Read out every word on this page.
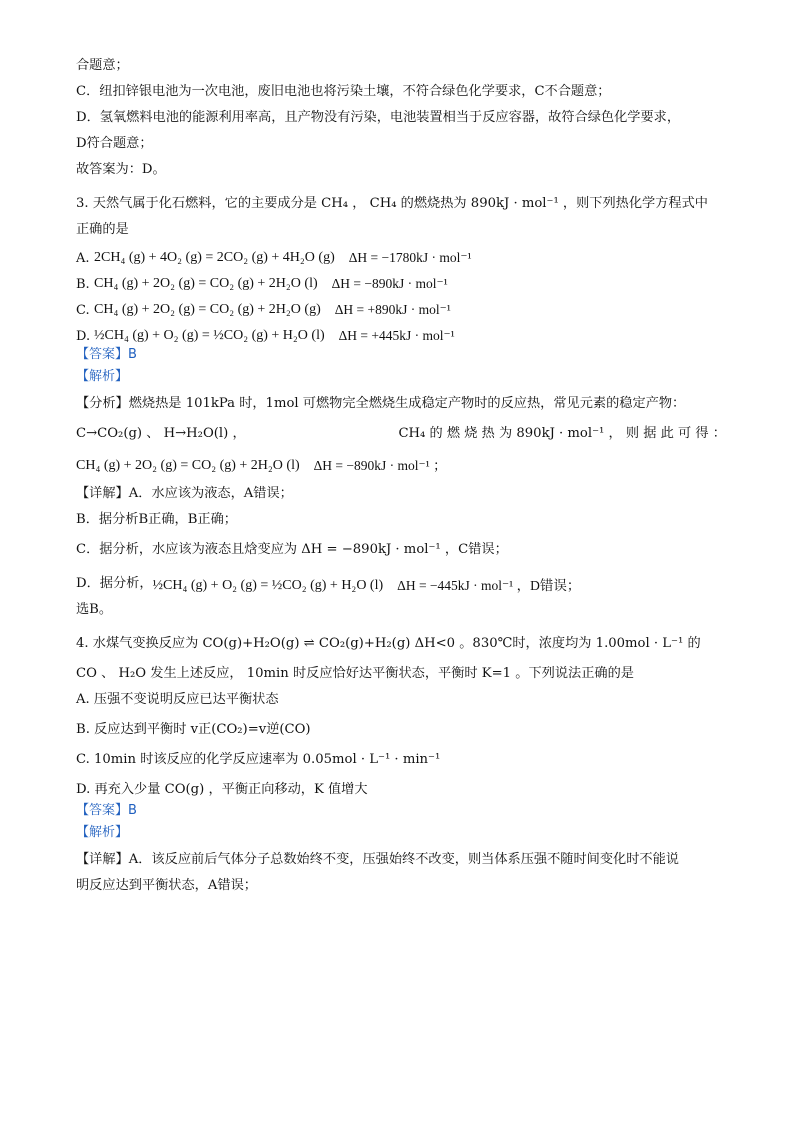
合题意；

C．纽扣锌银电池为一次电池，废旧电池也将污染土壤，不符合绿色化学要求，C不合题意；

D．氢氧燃料电池的能源利用率高，且产物没有污染，电池装置相当于反应容器，故符合绿色化学要求，

D符合题意；

故答案为：D。

3. 天然气属于化石燃料，它的主要成分是 CH₄ ， CH₄ 的燃烧热为 890kJ · mol⁻¹ ，则下列热化学方程式中

正确的是

A. 2CH₄ (g) + 4O₂ (g) = 2CO₂ (g) + 4H₂O (g) ΔH = −1780kJ · mol⁻¹
B. CH₄ (g) + 2O₂ (g) = CO₂ (g) + 2H₂O (l) ΔH = −890kJ · mol⁻¹
C. CH₄ (g) + 2O₂ (g) = CO₂ (g) + 2H₂O (g) ΔH = +890kJ · mol⁻¹
D. ½CH₄ (g) + O₂ (g) = ½CO₂ (g) + H₂O (l) ΔH = +445kJ · mol⁻¹

【答案】B

【解析】

【分析】燃烧热是 101kPa 时，1mol 可燃物完全燃烧生成稳定产物时的反应热，常见元素的稳定产物：

C→CO₂(g) 、 H→H₂O(l) ，	CH₄ 的 燃 烧 热 为 890kJ · mol⁻¹ ， 则 据 此 可 得 ：
CH₄ (g) + 2O₂ (g) = CO₂ (g) + 2H₂O (l) ΔH = −890kJ · mol⁻¹ ；

【详解】A．水应该为液态，A错误；

B．据分析B正确，B正确；

C．据分析，水应该为液态且焓变应为 ΔH = −890kJ · mol⁻¹ ，C错误；

D．据分析， ½CH₄ (g) + O₂ (g) = ½CO₂ (g) + H₂O (l) ΔH = −445kJ · mol⁻¹ ，D错误；

选B。

4. 水煤气变换反应为 CO(g)+H₂O(g) ⇌ CO₂(g)+H₂(g) ΔH<0 。830℃时，浓度均为 1.00mol · L⁻¹ 的

CO 、 H₂O 发生上述反应， 10min 时反应恰好达平衡状态，平衡时 K=1 。下列说法正确的是

A. 压强不变说明反应已达平衡状态

B. 反应达到平衡时 v正(CO₂)=v逆(CO)

C. 10min 时该反应的化学反应速率为 0.05mol · L⁻¹ · min⁻¹

D. 再充入少量 CO(g) ，平衡正向移动，K 值增大

【答案】B

【解析】

【详解】A．该反应前后气体分子总数始终不变，压强始终不改变，则当体系压强不随时间变化时不能说

明反应达到平衡状态，A错误；
